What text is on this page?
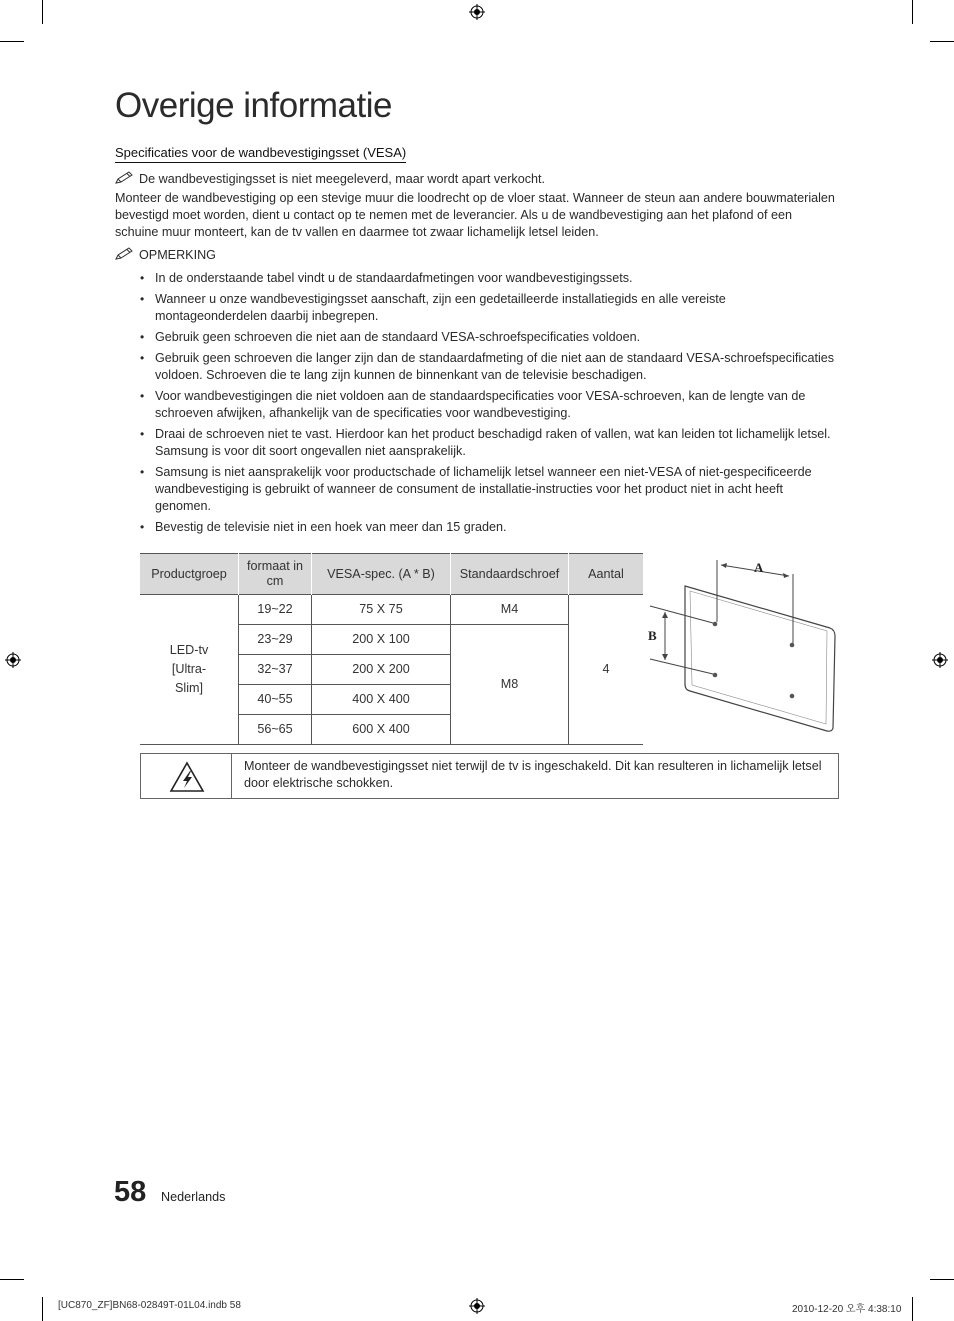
Overige informatie
Specificaties voor de wandbevestigingsset (VESA)
De wandbevestigingsset is niet meegeleverd, maar wordt apart verkocht.
Monteer de wandbevestiging op een stevige muur die loodrecht op de vloer staat. Wanneer de steun aan andere bouwmaterialen bevestigd moet worden, dient u contact op te nemen met de leverancier. Als u de wandbevestiging aan het plafond of een schuine muur monteert, kan de tv vallen en daarmee tot zwaar lichamelijk letsel leiden.
OPMERKING
• In de onderstaande tabel vindt u de standaardafmetingen voor wandbevestigingssets.
• Wanneer u onze wandbevestigingsset aanschaft, zijn een gedetailleerde installatiegids en alle vereiste montageonderdelen daarbij inbegrepen.
• Gebruik geen schroeven die niet aan de standaard VESA-schroefspecificaties voldoen.
• Gebruik geen schroeven die langer zijn dan de standaardafmeting of die niet aan de standaard VESA-schroefspecificaties voldoen. Schroeven die te lang zijn kunnen de binnenkant van de televisie beschadigen.
• Voor wandbevestigingen die niet voldoen aan de standaardspecificaties voor VESA-schroeven, kan de lengte van de schroeven afwijken, afhankelijk van de specificaties voor wandbevestiging.
• Draai de schroeven niet te vast. Hierdoor kan het product beschadigd raken of vallen, wat kan leiden tot lichamelijk letsel. Samsung is voor dit soort ongevallen niet aansprakelijk.
• Samsung is niet aansprakelijk voor productschade of lichamelijk letsel wanneer een niet-VESA of niet-gespecificeerde wandbevestiging is gebruikt of wanneer de consument de installatie-instructies voor het product niet in acht heeft genomen.
• Bevestig de televisie niet in een hoek van meer dan 15 graden.
Productgroep	formaat in cm	VESA-spec. (A * B)	Standaardschroef	Aantal
LED-tv [Ultra-Slim]	19~22	75 X 75	M4	4
	23~29	200 X 100	M8	
	32~37	200 X 200		
	40~55	400 X 400		
	56~65	600 X 400		
A
B
Monteer de wandbevestigingsset niet terwijl de tv is ingeschakeld. Dit kan resulteren in lichamelijk letsel door elektrische schokken.
58 Nederlands
[UC870_ZF]BN68-02849T-01L04.indb 58	2010-12-20 오후 4:38:10
